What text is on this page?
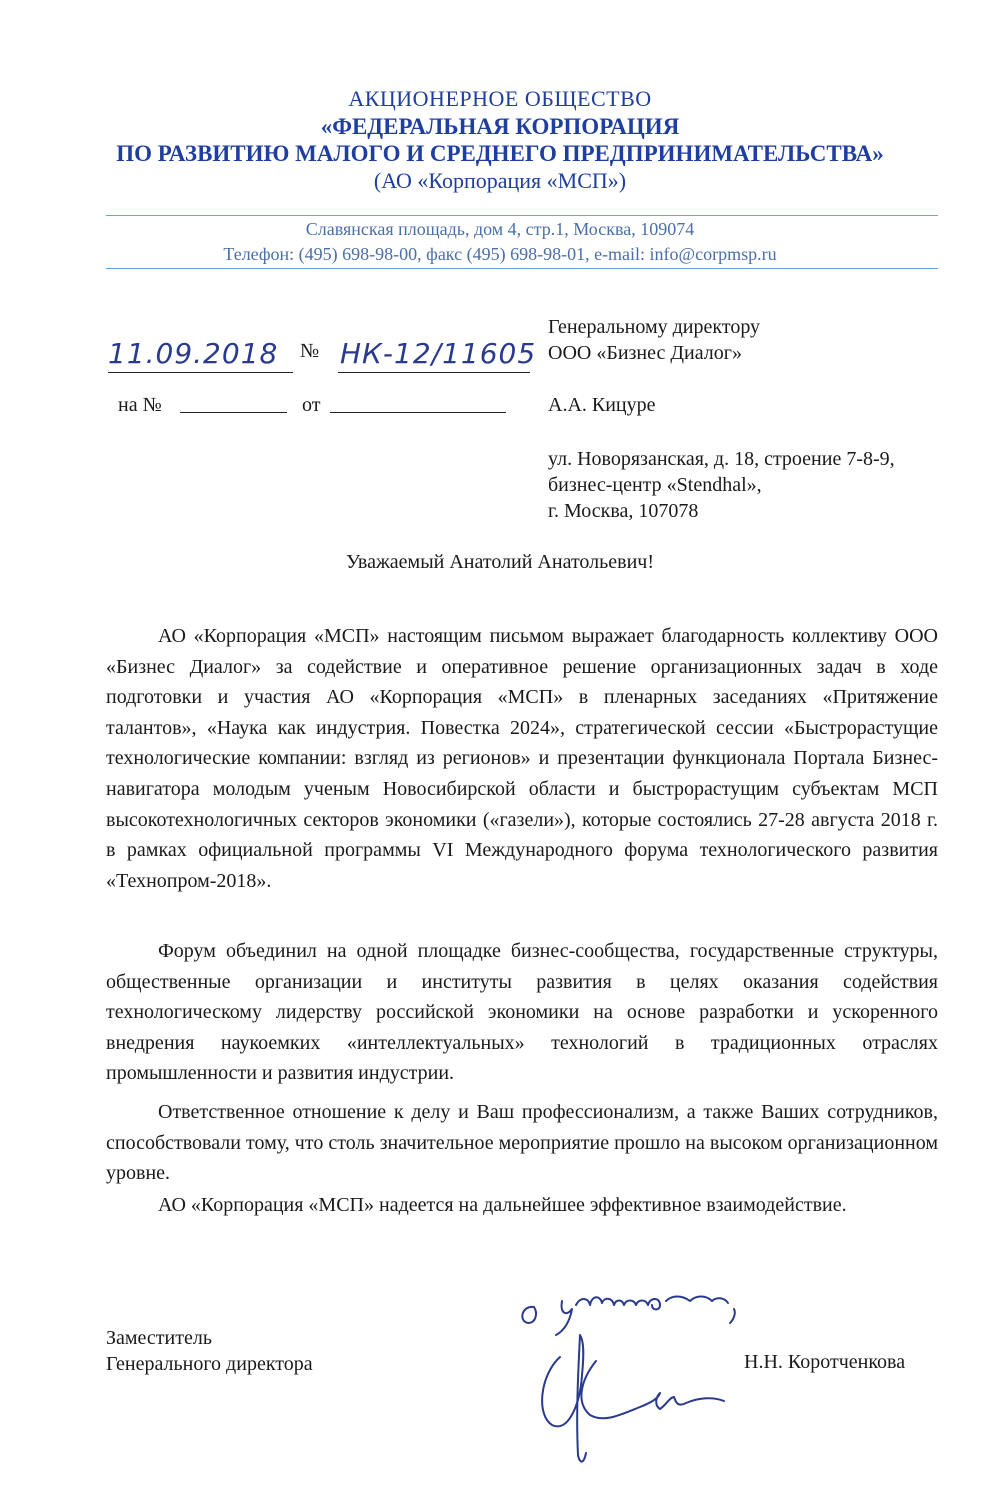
АКЦИОНЕРНОЕ ОБЩЕСТВО
«ФЕДЕРАЛЬНАЯ КОРПОРАЦИЯ
ПО РАЗВИТИЮ МАЛОГО И СРЕДНЕГО ПРЕДПРИНИМАТЕЛЬСТВА»
(АО «Корпорация «МСП»)
Славянская площадь, дом 4, стр.1, Москва, 109074
Телефон: (495) 698-98-00, факс (495) 698-98-01, e-mail: info@corpmsp.ru
11.09.2018 № НК-12/11605
на №	от
Генеральному директору
ООО «Бизнес Диалог»
А.А. Кицуре
ул. Новорязанская, д. 18, строение 7-8-9,
бизнес-центр «Stendhal»,
г. Москва, 107078
Уважаемый Анатолий Анатольевич!

АО «Корпорация «МСП» настоящим письмом выражает благодарность коллективу ООО «Бизнес Диалог» за содействие и оперативное решение организационных задач в ходе подготовки и участия АО «Корпорация «МСП» в пленарных заседаниях «Притяжение талантов», «Наука как индустрия. Повестка 2024», стратегической сессии «Быстрорастущие технологические компании: взгляд из регионов» и презентации функционала Портала Бизнес-навигатора молодым ученым Новосибирской области и быстрорастущим субъектам МСП высокотехнологичных секторов экономики («газели»), которые состоялись 27-28 августа 2018 г. в рамках официальной программы VI Международного форума технологического развития «Технопром-2018».

Форум объединил на одной площадке бизнес-сообщества, государственные структуры, общественные организации и институты развития в целях оказания содействия технологическому лидерству российской экономики на основе разработки и ускоренного внедрения наукоемких «интеллектуальных» технологий в традиционных отраслях промышленности и развития индустрии.

Ответственное отношение к делу и Ваш профессионализм, а также Ваших сотрудников, способствовали тому, что столь значительное мероприятие прошло на высоком организационном уровне.

АО «Корпорация «МСП» надеется на дальнейшее эффективное взаимодействие.

Заместитель
Генерального директора	Н.Н. Коротченкова
